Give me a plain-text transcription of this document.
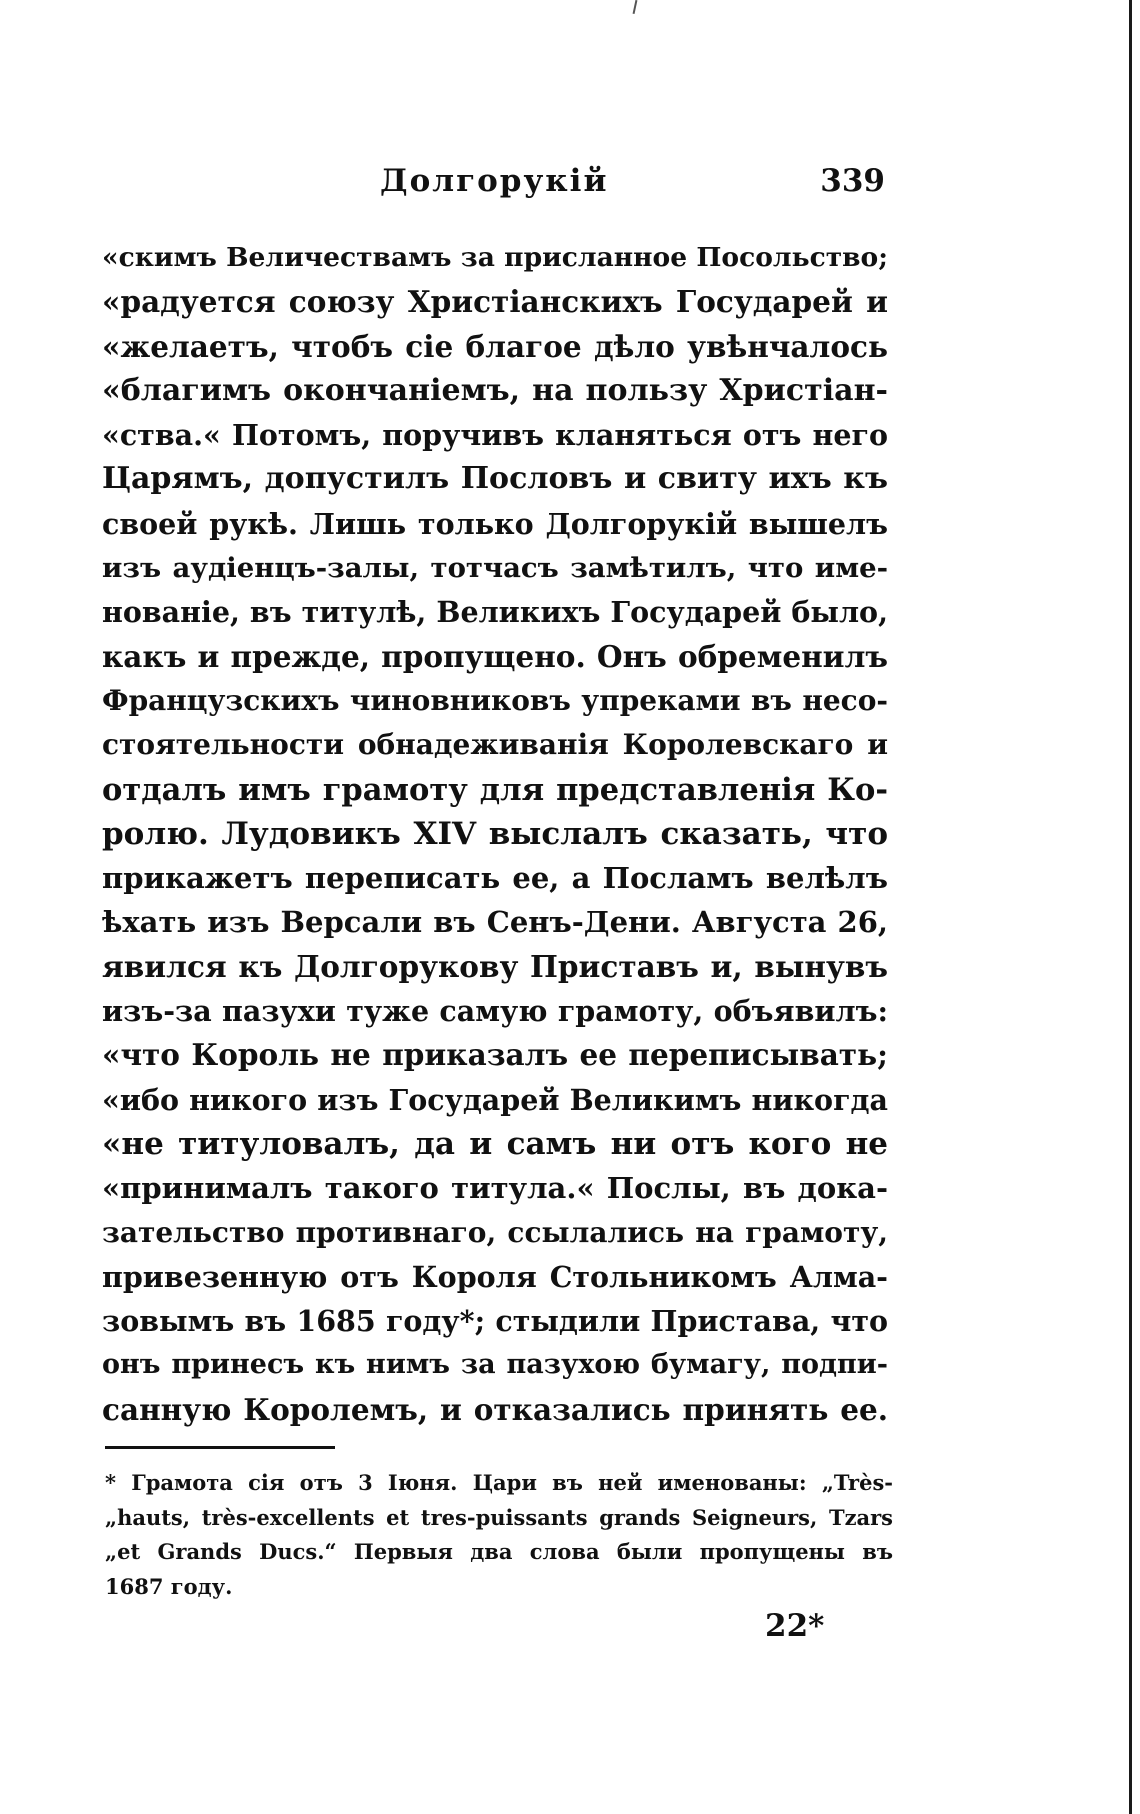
Долгорукій	339
«скимъ Величествамъ за присланное Посольство;
«радуется союзу Христіанскихъ Государей и
«желаетъ, чтобъ сіе благое дѣло увѣнчалось
«благимъ окончаніемъ, на пользу Христіан-
«ства.« Потомъ, поручивъ кланяться отъ него
Царямъ, допустилъ Пословъ и свиту ихъ къ
своей рукѣ. Лишь только Долгорукій вышелъ
изъ аудіенцъ-залы, тотчасъ замѣтилъ, что име-
нованіе, въ титулѣ, Великихъ Государей было,
какъ и прежде, пропущено. Онъ обременилъ
Французскихъ чиновниковъ упреками въ несо-
стоятельности обнадеживанія Королевскаго и
отдалъ имъ грамоту для представленія Ко-
ролю. Лудовикъ XIV выслалъ сказать, что
прикажетъ переписать ее, а Посламъ велѣлъ
ѣхать изъ Версали въ Сенъ-Дени. Августа 26,
явился къ Долгорукову Приставъ и, вынувъ
изъ-за пазухи туже самую грамоту, объявилъ:
«что Король не приказалъ ее переписывать;
«ибо никого изъ Государей Великимъ никогда
«не титуловалъ, да и самъ ни отъ кого не
«принималъ такого титула.« Послы, въ дока-
зательство противнаго, ссылались на грамоту,
привезенную отъ Короля Стольникомъ Алма-
зовымъ въ 1685 году*; стыдили Пристава, что
онъ принесъ къ нимъ за пазухою бумагу, подпи-
санную Королемъ, и отказались принять ее.
* Грамота сія отъ 3 Іюня. Цари въ ней именованы: „Très-
„hauts, très-excellents et tres-puissants grands Seigneurs, Tzars
„et Grands Ducs.“ Первыя два слова были пропущены въ
1687 году.
22*
